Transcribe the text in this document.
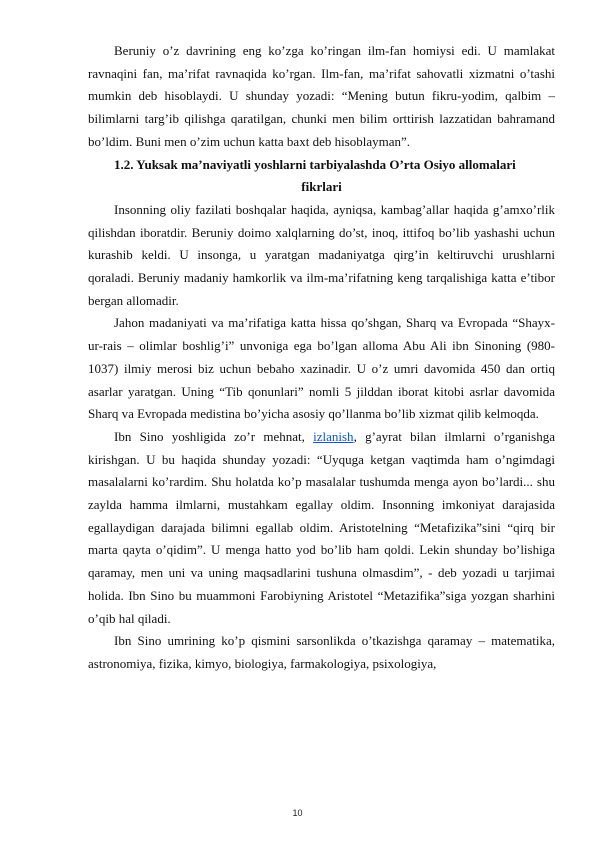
Beruniy o’z davrining eng ko’zga ko’ringan ilm-fan homiysi edi. U mamlakat ravnaqini fan, ma’rifat ravnaqida ko’rgan. Ilm-fan, ma’rifat sahovatli xizmatni o’tashi mumkin deb hisoblaydi. U shunday yozadi: “Mening butun fikru-yodim, qalbim – bilimlarni targ’ib qilishga qaratilgan, chunki men bilim orttirish lazzatidan bahramand bo’ldim. Buni men o’zim uchun katta baxt deb hisoblayman”.

1.2. Yuksak ma’naviyatli yoshlarni tarbiyalashda O’rta Osiyo allomalari
fikrlari

Insonning oliy fazilati boshqalar haqida, ayniqsa, kambag’allar haqida g’amxo’rlik qilishdan iboratdir. Beruniy doimo xalqlarning do’st, inoq, ittifoq bo’lib yashashi uchun kurashib keldi. U insonga, u yaratgan madaniyatga qirg’in keltiruvchi urushlarni qoraladi. Beruniy madaniy hamkorlik va ilm-ma’rifatning keng tarqalishiga katta e’tibor bergan allomadir.

Jahon madaniyati va ma’rifatiga katta hissa qo’shgan, Sharq va Evropada “Shayx-ur-rais – olimlar boshlig’i” unvoniga ega bo’lgan alloma Abu Ali ibn Sinoning (980-1037) ilmiy merosi biz uchun bebaho xazinadir. U o’z umri davomida 450 dan ortiq asarlar yaratgan. Uning “Tib qonunlari” nomli 5 jilddan iborat kitobi asrlar davomida Sharq va Evropada medistina bo’yicha asosiy qo’llanma bo’lib xizmat qilib kelmoqda.

Ibn Sino yoshligida zo’r mehnat, izlanish, g’ayrat bilan ilmlarni o’rganishga kirishgan. U bu haqida shunday yozadi: “Uyquga ketgan vaqtimda ham o’ngimdagi masalalarni ko’rardim. Shu holatda ko’p masalalar tushumda menga ayon bo’lardi... shu zaylda hamma ilmlarni, mustahkam egallay oldim. Insonning imkoniyat darajasida egallaydigan darajada bilimni egallab oldim. Aristotelning “Metafizika”sini “qirq bir marta qayta o’qidim”. U menga hatto yod bo’lib ham qoldi. Lekin shunday bo’lishiga qaramay, men uni va uning maqsadlarini tushuna olmasdim”, - deb yozadi u tarjimai holida. Ibn Sino bu muammoni Farobiyning Aristotel “Metazifika”siga yozgan sharhini o’qib hal qiladi.

Ibn Sino umrining ko’p qismini sarsonlikda o’tkazishga qaramay – matematika, astronomiya, fizika, kimyo, biologiya, farmakologiya, psixologiya,

10
